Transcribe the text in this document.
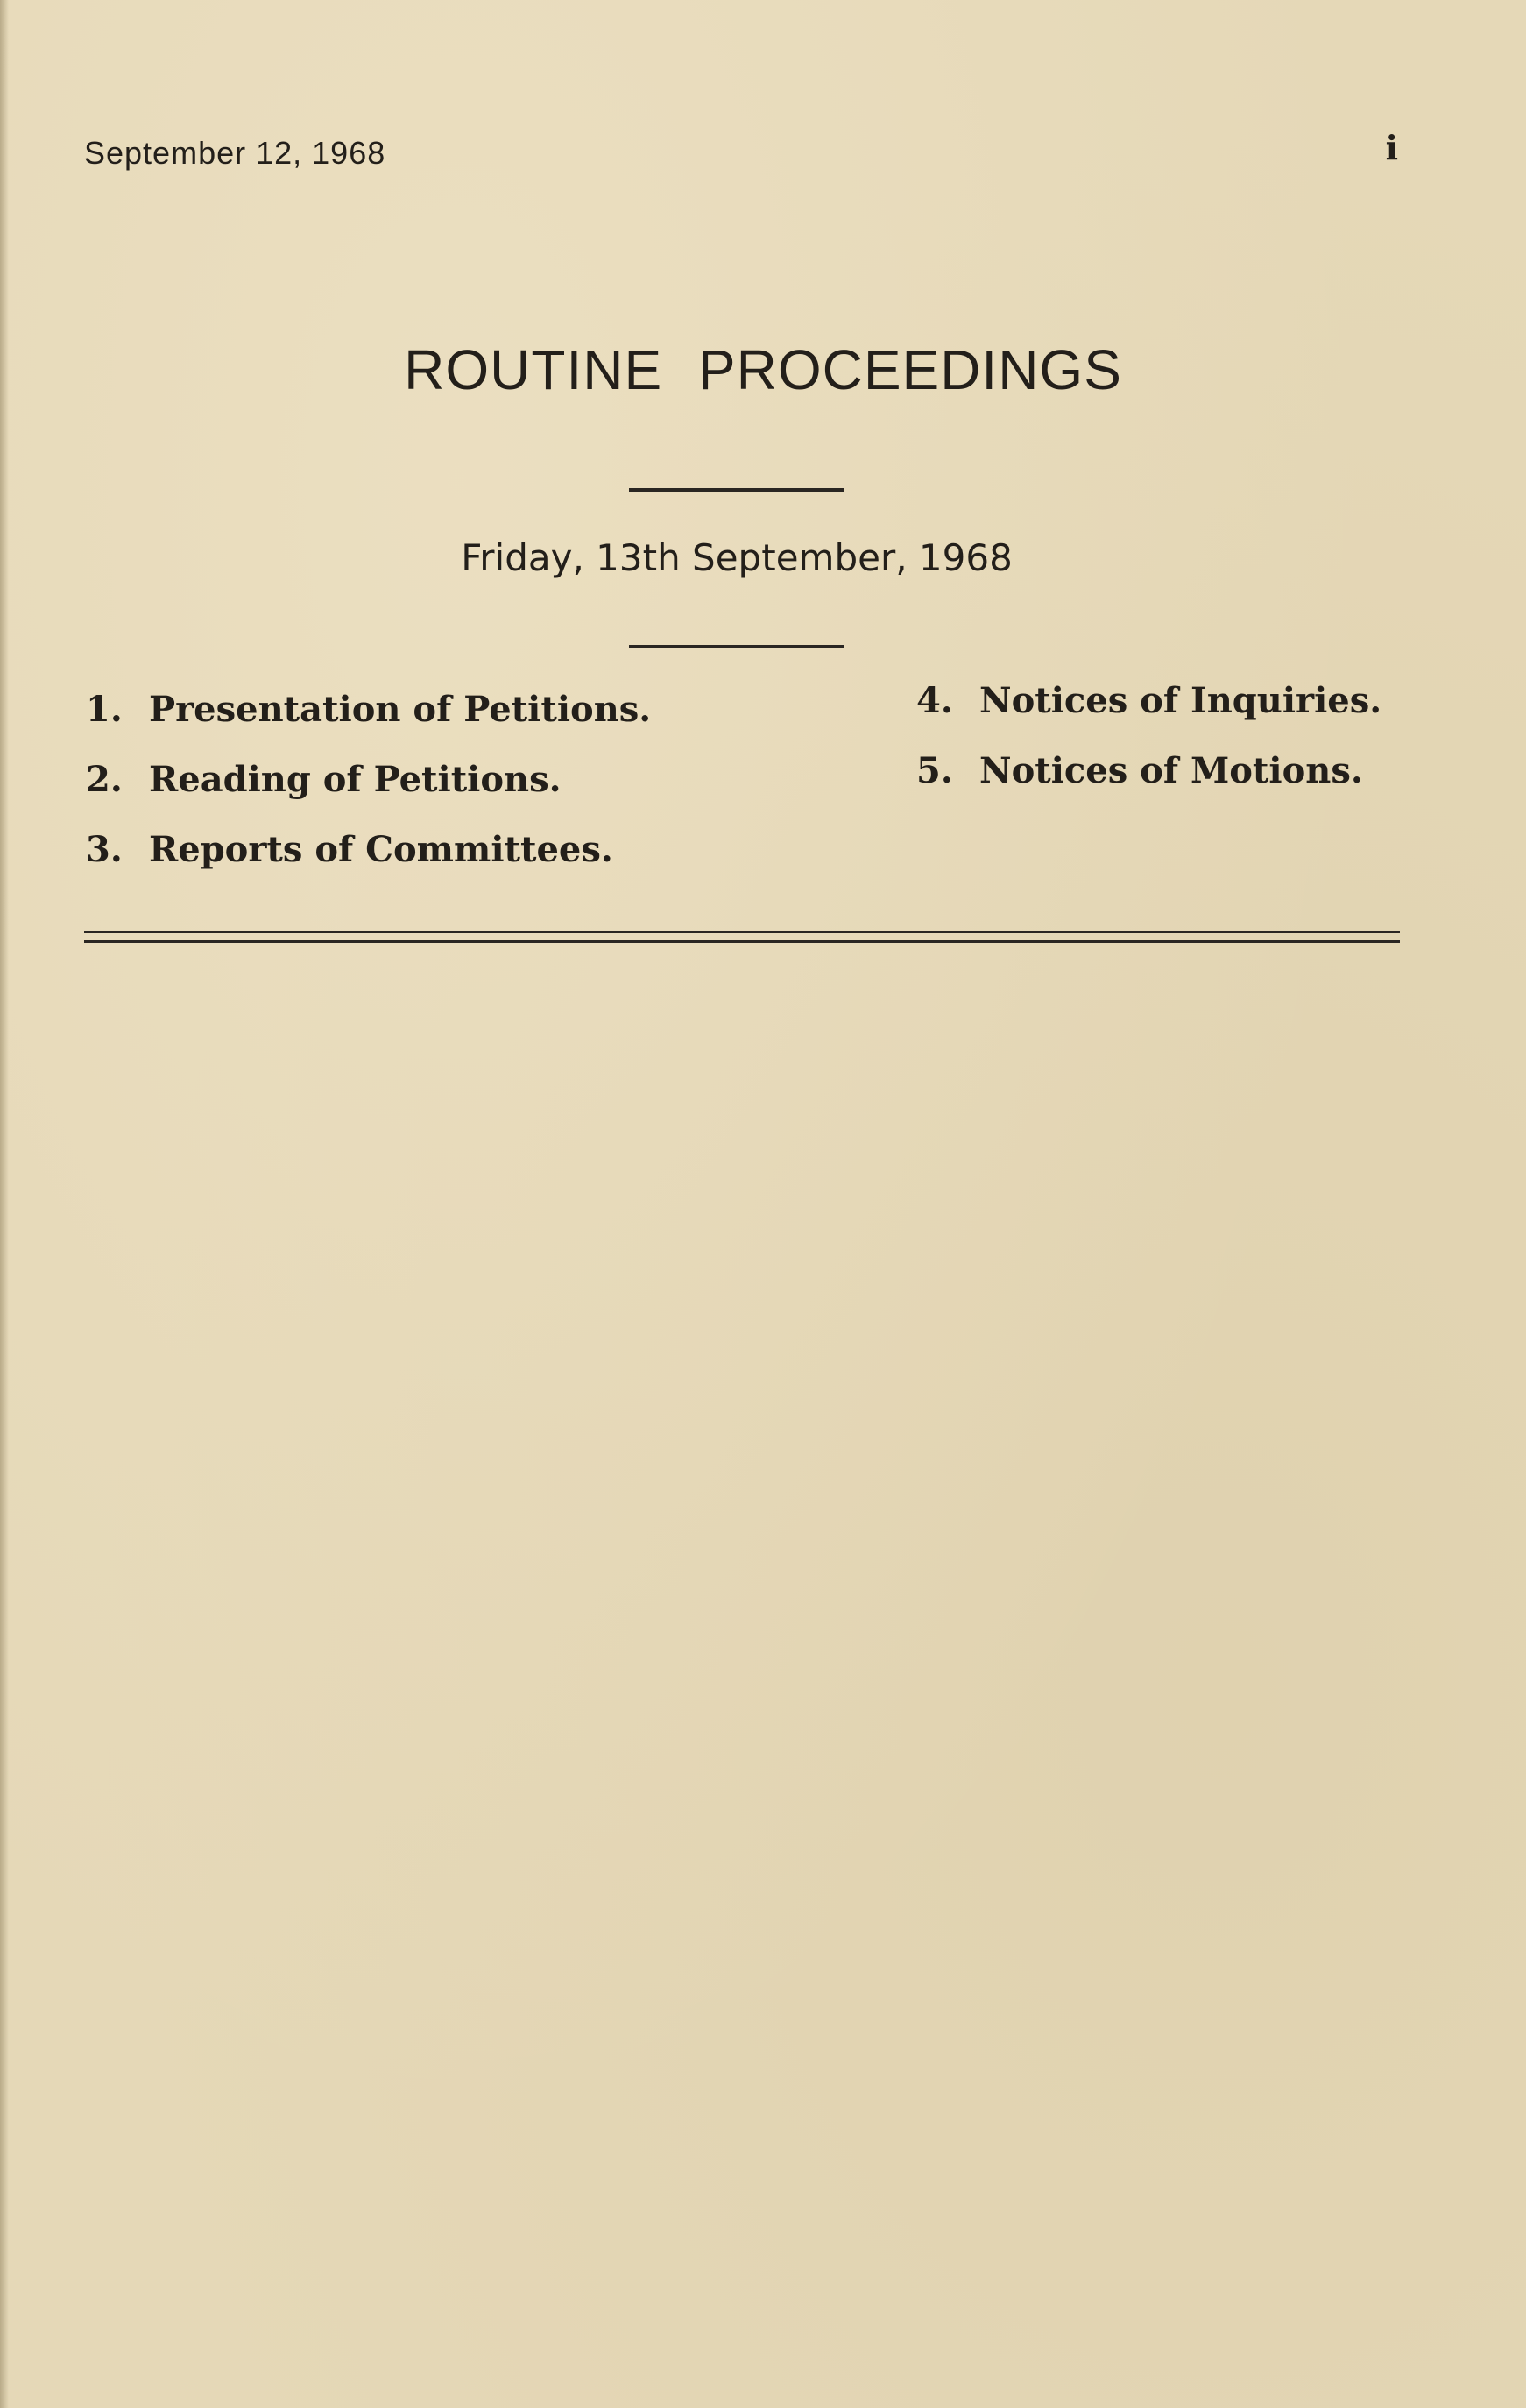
September 12, 1968	i
ROUTINE PROCEEDINGS
Friday, 13th September, 1968
1. Presentation of Petitions.
2. Reading of Petitions.
3. Reports of Committees.
4. Notices of Inquiries.
5. Notices of Motions.
